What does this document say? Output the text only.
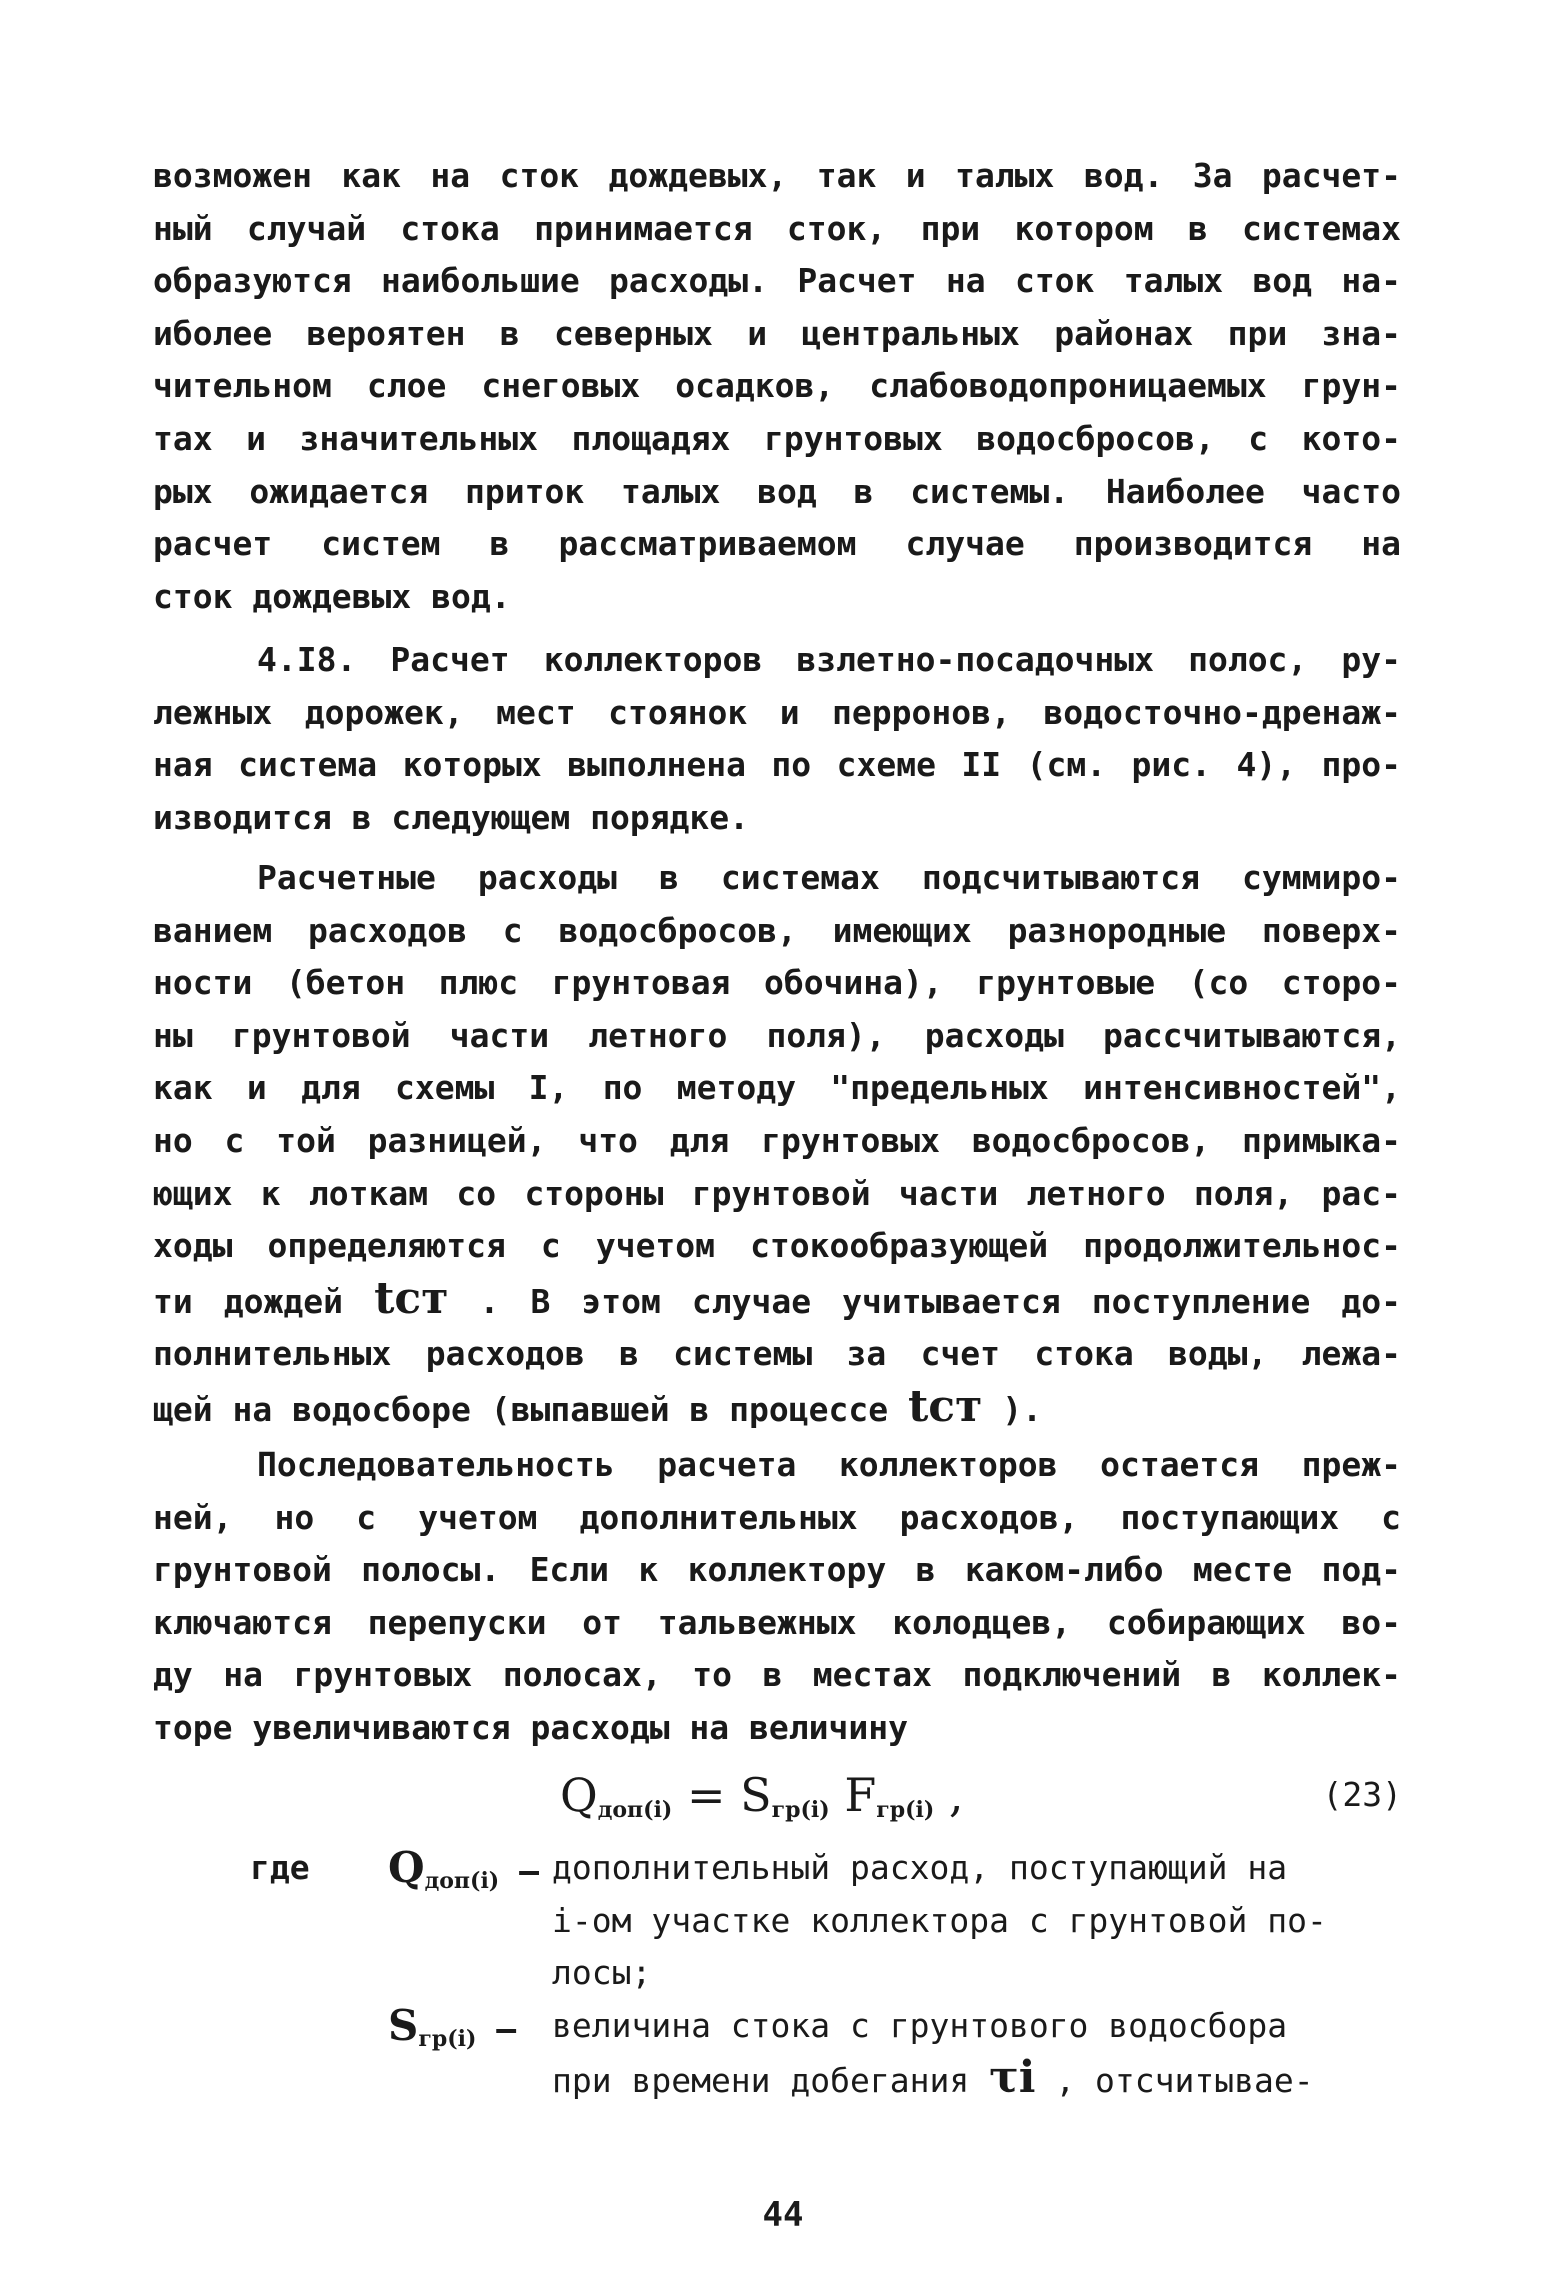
возможен как на сток дождевых, так и талых вод. За расчет-
ный случай стока принимается сток, при котором в системах
образуются наибольшие расходы. Расчет на сток талых вод на-
иболее вероятен в северных и центральных районах при зна-
чительном слое снеговых осадков, слабоводопроницаемых грун-
тах и значительных площадях грунтовых водосбросов, с кото-
рых ожидается приток талых вод в системы. Наиболее часто
расчет систем в рассматриваемом случае производится на
сток дождевых вод.
4.I8. Расчет коллекторов взлетно-посадочных полос, ру-
лежных дорожек, мест стоянок и перронов, водосточно-дренаж-
ная система которых выполнена по схеме II (см. рис. 4), про-
изводится в следующем порядке.
Расчетные расходы в системах подсчитываются суммиро-
ванием расходов с водосбросов, имеющих разнородные поверх-
ности (бетон плюс грунтовая обочина), грунтовые (со сторо-
ны грунтовой части летного поля), расходы рассчитываются,
как и для схемы I, по методу "предельных интенсивностей",
но с той разницей, что для грунтовых водосбросов, примыка-
ющих к лоткам со стороны грунтовой части летного поля, рас-
ходы определяются с учетом стокообразующей продолжительнос-
ти дождей tст . В этом случае учитывается поступление до-
полнительных расходов в системы за счет стока воды, лежа-
щей на водосборе (выпавшей в процессе tст ).
Последовательность расчета коллекторов остается преж-
ней, но с учетом дополнительных расходов, поступающих с
грунтовой полосы. Если к коллектору в каком-либо месте под-
ключаются перепуски от тальвежных колодцев, собирающих во-
ду на грунтовых полосах, то в местах подключений в коллек-
торе увеличиваются расходы на величину
$Q_{доп(i)} = S_{гр(i)}$ $F_{гр(i)}$ ,	(23)
где $Q_{доп(i)}$ – дополнительный расход, поступающий на
i-ом участке коллектора с грунтовой по-
лосы;
$S_{гр(i)}$ – величина стока с грунтового водосбора
при времени добегания τi , отсчитывае-
44
